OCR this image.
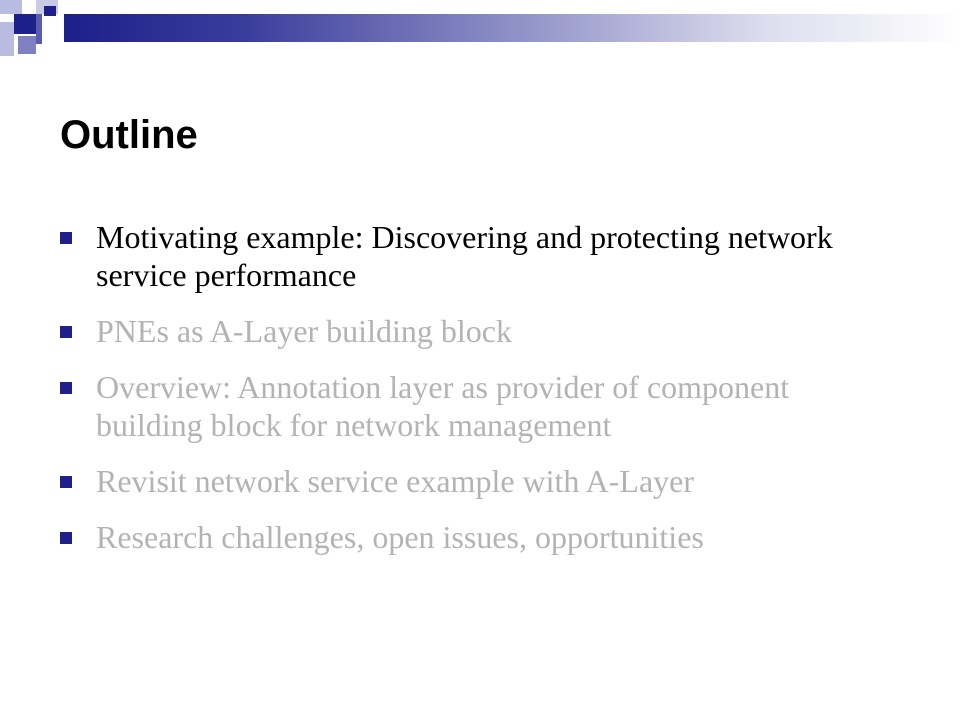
Outline
Motivating example: Discovering and protecting network service performance
PNEs as A-Layer building block
Overview: Annotation layer as provider of component building block for network management
Revisit network service example with A-Layer
Research challenges, open issues, opportunities
